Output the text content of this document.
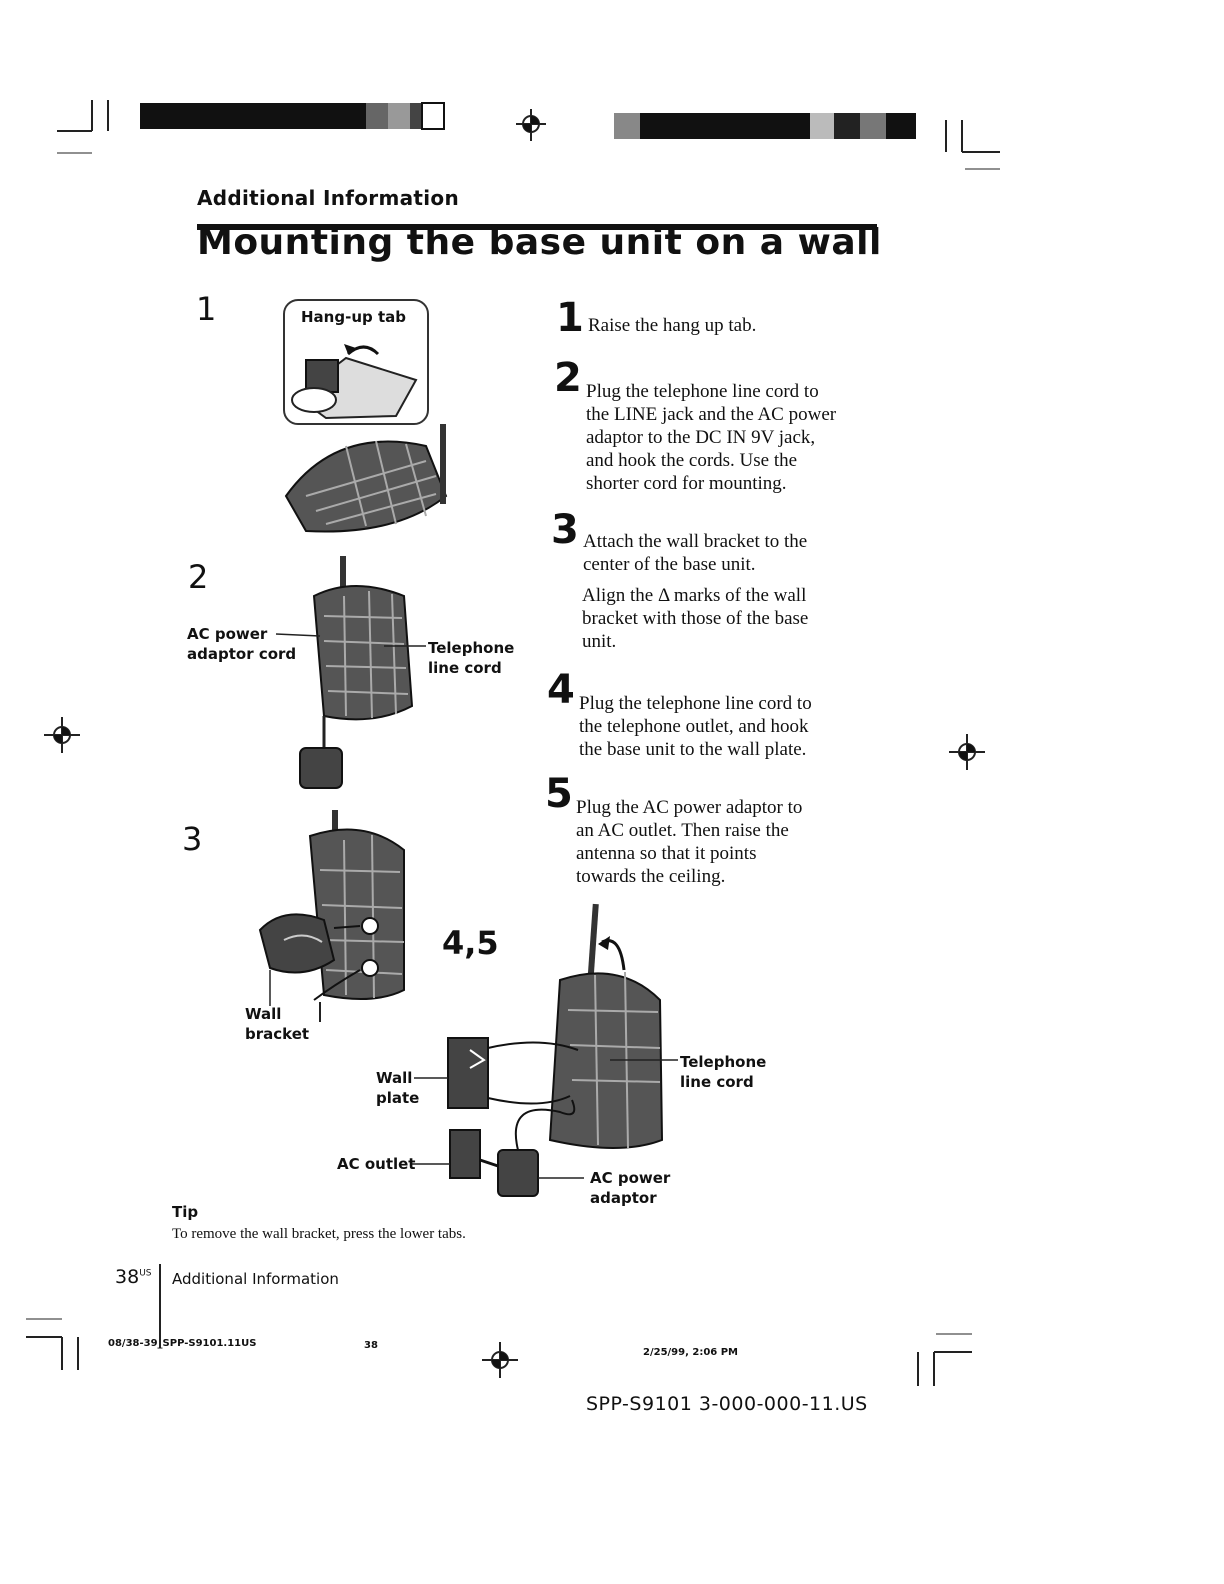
Additional Information
Mounting the base unit on a wall
1	Hang-up tab
2
AC power
adaptor cord	Telephone
line cord
3
Wall
bracket
4,5
Telephone
line cord
Wall
plate
AC outlet
AC power
adaptor
1 Raise the hang up tab.
2 Plug the telephone line cord to
the LINE jack and the AC power
adaptor to the DC IN 9V jack,
and hook the cords. Use the
shorter cord for mounting.
3 Attach the wall bracket to the
center of the base unit.
Align the Δ marks of the wall
bracket with those of the base
unit.
4 Plug the telephone line cord to
the telephone outlet, and hook
the base unit to the wall plate.
5 Plug the AC power adaptor to
an AC outlet. Then raise the
antenna so that it points
towards the ceiling.
Tip
To remove the wall bracket, press the lower tabs.
$38^{US}$ Additional Information
08/38-39_SPP-S9101.11US	38
2/25/99, 2:06 PM
SPP-S9101 3-000-000-11.US
